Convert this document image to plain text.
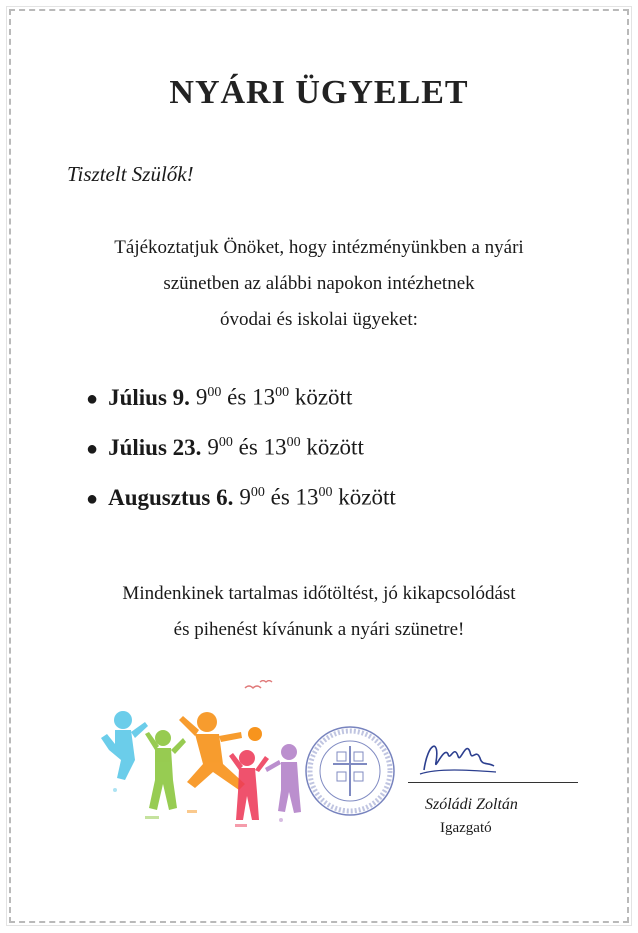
NYÁRI ÜGYELET
Tisztelt Szülők!
Tájékoztatjuk Önöket, hogy intézményünkben a nyári
szünetben az alábbi napokon intézhetnek
óvodai és iskolai ügyeket:
● Július 9. $9^{00}$ és $13^{00}$ között
● Július 23. $9^{00}$ és $13^{00}$ között
● Augusztus 6. $9^{00}$ és $13^{00}$ között
Mindenkinek tartalmas időtöltést, jó kikapcsolódást
és pihenést kívánunk a nyári szünetre!
Szóládi Zoltán
Igazgató
